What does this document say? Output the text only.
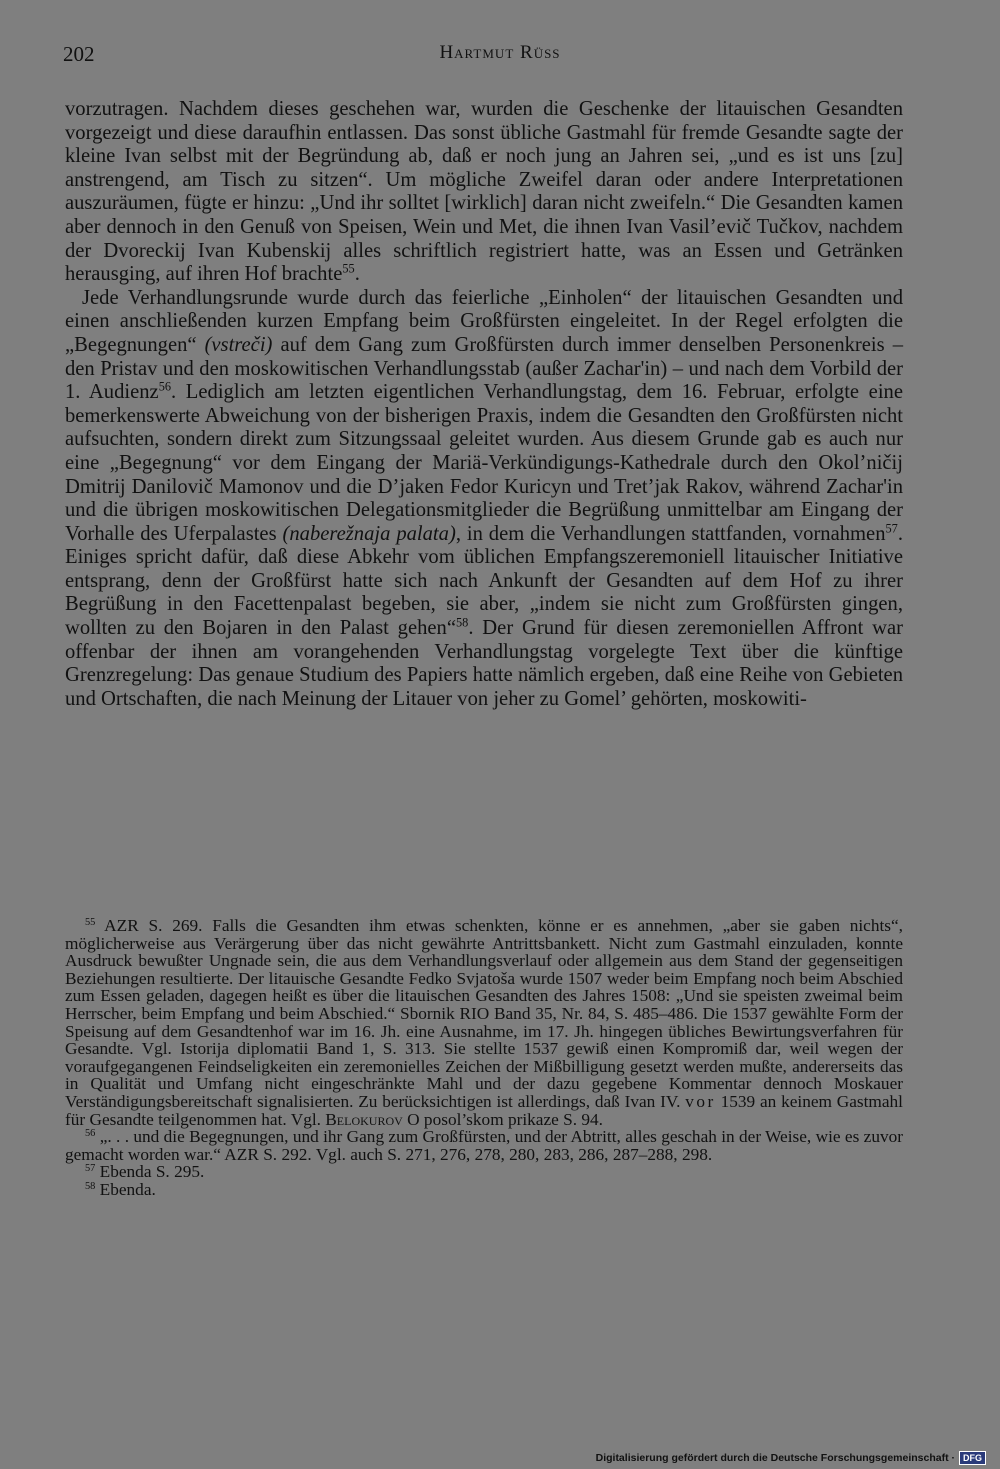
202	Hartmut Rüss

vorzutragen. Nachdem dieses geschehen war, wurden die Geschenke der litauischen Gesandten vorgezeigt und diese daraufhin entlassen. Das sonst übliche Gastmahl für fremde Gesandte sagte der kleine Ivan selbst mit der Begründung ab, daß er noch jung an Jahren sei, „und es ist uns [zu] anstrengend, am Tisch zu sitzen“. Um mögliche Zweifel daran oder andere Interpretationen auszuräumen, fügte er hinzu: „Und ihr solltet [wirklich] daran nicht zweifeln.“ Die Gesandten kamen aber dennoch in den Genuß von Speisen, Wein und Met, die ihnen Ivan Vasil’evič Tučkov, nachdem der Dvoreckij Ivan Kubenskij alles schriftlich registriert hatte, was an Essen und Getränken herausging, auf ihren Hof brachte$^{55}$.

Jede Verhandlungsrunde wurde durch das feierliche „Einholen“ der litauischen Gesandten und einen anschließenden kurzen Empfang beim Großfürsten eingeleitet. In der Regel erfolgten die „Begegnungen“ (vstreči) auf dem Gang zum Großfürsten durch immer denselben Personenkreis – den Pristav und den moskowitischen Verhandlungsstab (außer Zachar'in) – und nach dem Vorbild der 1. Audienz$^{56}$. Lediglich am letzten eigentlichen Verhandlungstag, dem 16. Februar, erfolgte eine bemerkenswerte Abweichung von der bisherigen Praxis, indem die Gesandten den Großfürsten nicht aufsuchten, sondern direkt zum Sitzungssaal geleitet wurden. Aus diesem Grunde gab es auch nur eine „Begegnung“ vor dem Eingang der Mariä-Verkündigungs-Kathedrale durch den Okol’ničij Dmitrij Danilovič Mamonov und die D’jaken Fedor Kuricyn und Tret’jak Rakov, während Zachar'in und die übrigen moskowitischen Delegationsmitglieder die Begrüßung unmittelbar am Eingang der Vorhalle des Uferpalastes (naberežnaja palata), in dem die Verhandlungen stattfanden, vornahmen$^{57}$. Einiges spricht dafür, daß diese Abkehr vom üblichen Empfangszeremoniell litauischer Initiative entsprang, denn der Großfürst hatte sich nach Ankunft der Gesandten auf dem Hof zu ihrer Begrüßung in den Facettenpalast begeben, sie aber, „indem sie nicht zum Großfürsten gingen, wollten zu den Bojaren in den Palast gehen“$^{58}$. Der Grund für diesen zeremoniellen Affront war offenbar der ihnen am vorangehenden Verhandlungstag vorgelegte Text über die künftige Grenzregelung: Das genaue Studium des Papiers hatte nämlich ergeben, daß eine Reihe von Gebieten und Ortschaften, die nach Meinung der Litauer von jeher zu Gomel’ gehörten, moskowiti-

$^{55}$ AZR S. 269. Falls die Gesandten ihm etwas schenkten, könne er es annehmen, „aber sie gaben nichts“, möglicherweise aus Verärgerung über das nicht gewährte Antrittsbankett. Nicht zum Gastmahl einzuladen, konnte Ausdruck bewußter Ungnade sein, die aus dem Verhandlungsverlauf oder allgemein aus dem Stand der gegenseitigen Beziehungen resultierte. Der litauische Gesandte Fedko Svjatoša wurde 1507 weder beim Empfang noch beim Abschied zum Essen geladen, dagegen heißt es über die litauischen Gesandten des Jahres 1508: „Und sie speisten zweimal beim Herrscher, beim Empfang und beim Abschied.“ Sbornik RIO Band 35, Nr. 84, S. 485–486. Die 1537 gewählte Form der Speisung auf dem Gesandtenhof war im 16. Jh. eine Ausnahme, im 17. Jh. hingegen übliches Bewirtungsverfahren für Gesandte. Vgl. Istorija diplomatii Band 1, S. 313. Sie stellte 1537 gewiß einen Kompromiß dar, weil wegen der voraufgegangenen Feindseligkeiten ein zeremonielles Zeichen der Mißbilligung gesetzt werden mußte, andererseits das in Qualität und Umfang nicht eingeschränkte Mahl und der dazu gegebene Kommentar dennoch Moskauer Verständigungsbereitschaft signalisierten. Zu berücksichtigen ist allerdings, daß Ivan IV. vor 1539 an keinem Gastmahl für Gesandte teilgenommen hat. Vgl. Belokurov O posol’skom prikaze S. 94.

$^{56}$ „. . . und die Begegnungen, und ihr Gang zum Großfürsten, und der Abtritt, alles geschah in der Weise, wie es zuvor gemacht worden war.“ AZR S. 292. Vgl. auch S. 271, 276, 278, 280, 283, 286, 287–288, 298.

$^{57}$ Ebenda S. 295.

$^{58}$ Ebenda.

Digitalisierung gefördert durch die Deutsche Forschungsgemeinschaft · DFG
